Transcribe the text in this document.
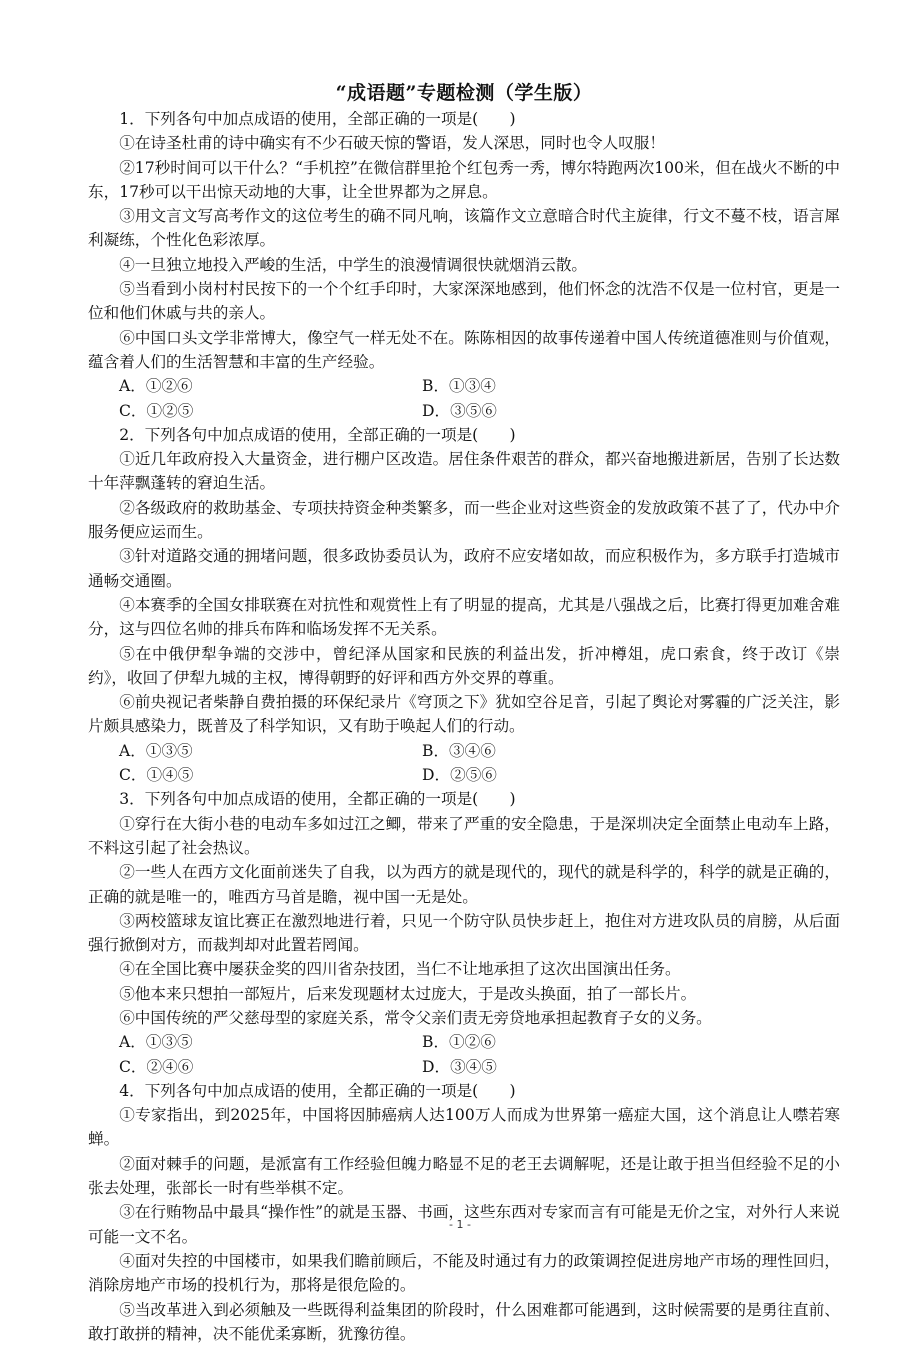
“成语题”专题检测（学生版）

1．下列各句中加点成语的使用，全部正确的一项是(　　)

①在诗圣杜甫的诗中确实有不少石破天惊的警语，发人深思，同时也令人叹服！

②17秒时间可以干什么？“手机控”在微信群里抢个红包秀一秀，博尔特跑两次100米，但在战火不断的中东，17秒可以干出惊天动地的大事，让全世界都为之屏息。

③用文言文写高考作文的这位考生的确不同凡响，该篇作文立意暗合时代主旋律，行文不蔓不枝，语言犀利凝练，个性化色彩浓厚。

④一旦独立地投入严峻的生活，中学生的浪漫情调很快就烟消云散。

⑤当看到小岗村村民按下的一个个红手印时，大家深深地感到，他们怀念的沈浩不仅是一位村官，更是一位和他们休戚与共的亲人。

⑥中国口头文学非常博大，像空气一样无处不在。陈陈相因的故事传递着中国人传统道德准则与价值观，蕴含着人们的生活智慧和丰富的生产经验。

A．①②⑥	B．①③④
C．①②⑤	D．③⑤⑥

2．下列各句中加点成语的使用，全部正确的一项是(　　)

①近几年政府投入大量资金，进行棚户区改造。居住条件艰苦的群众，都兴奋地搬进新居，告别了长达数十年萍飘蓬转的窘迫生活。

②各级政府的救助基金、专项扶持资金种类繁多，而一些企业对这些资金的发放政策不甚了了，代办中介服务便应运而生。

③针对道路交通的拥堵问题，很多政协委员认为，政府不应安堵如故，而应积极作为，多方联手打造城市通畅交通圈。

④本赛季的全国女排联赛在对抗性和观赏性上有了明显的提高，尤其是八强战之后，比赛打得更加难舍难分，这与四位名帅的排兵布阵和临场发挥不无关系。

⑤在中俄伊犁争端的交涉中，曾纪泽从国家和民族的利益出发，折冲樽俎，虎口索食，终于改订《崇约》，收回了伊犁九城的主权，博得朝野的好评和西方外交界的尊重。

⑥前央视记者柴静自费拍摄的环保纪录片《穹顶之下》犹如空谷足音，引起了舆论对雾霾的广泛关注，影片颇具感染力，既普及了科学知识，又有助于唤起人们的行动。

A．①③⑤	B．③④⑥
C．①④⑤	D．②⑤⑥

3．下列各句中加点成语的使用，全都正确的一项是(　　)

①穿行在大街小巷的电动车多如过江之鲫，带来了严重的安全隐患，于是深圳决定全面禁止电动车上路，不料这引起了社会热议。

②一些人在西方文化面前迷失了自我，以为西方的就是现代的，现代的就是科学的，科学的就是正确的，正确的就是唯一的，唯西方马首是瞻，视中国一无是处。

③两校篮球友谊比赛正在激烈地进行着，只见一个防守队员快步赶上，抱住对方进攻队员的肩膀，从后面强行掀倒对方，而裁判却对此置若罔闻。

④在全国比赛中屡获金奖的四川省杂技团，当仁不让地承担了这次出国演出任务。

⑤他本来只想拍一部短片，后来发现题材太过庞大，于是改头换面，拍了一部长片。

⑥中国传统的严父慈母型的家庭关系，常令父亲们责无旁贷地承担起教育子女的义务。

A．①③⑤	B．①②⑥
C．②④⑥	D．③④⑤

4．下列各句中加点成语的使用，全都正确的一项是(　　)

①专家指出，到2025年，中国将因肺癌病人达100万人而成为世界第一癌症大国，这个消息让人噤若寒蝉。

②面对棘手的问题，是派富有工作经验但魄力略显不足的老王去调解呢，还是让敢于担当但经验不足的小张去处理，张部长一时有些举棋不定。

③在行贿物品中最具“操作性”的就是玉器、书画，这些东西对专家而言有可能是无价之宝，对外行人来说可能一文不名。

④面对失控的中国楼市，如果我们瞻前顾后，不能及时通过有力的政策调控促进房地产市场的理性回归，消除房地产市场的投机行为，那将是很危险的。

⑤当改革进入到必须触及一些既得利益集团的阶段时，什么困难都可能遇到，这时候需要的是勇往直前、敢打敢拼的精神，决不能优柔寡断，犹豫彷徨。

- 1 -
